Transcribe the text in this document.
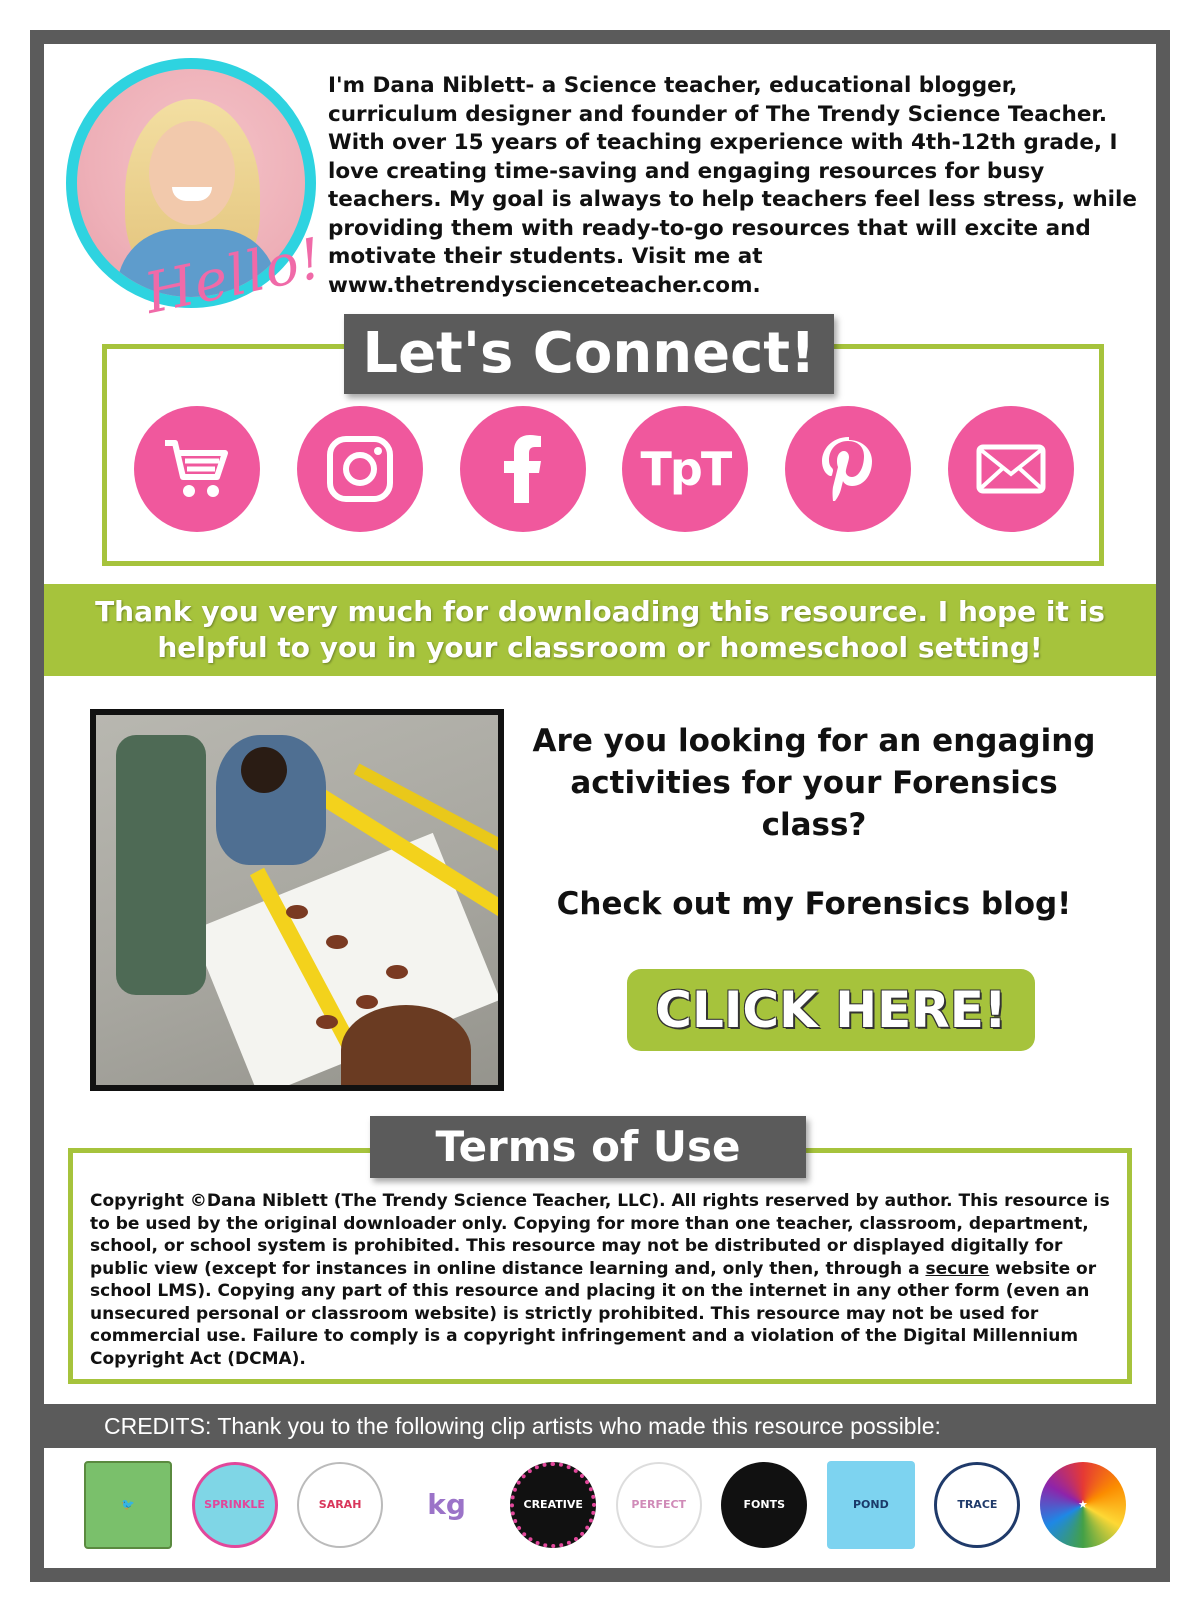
Hello!

I'm Dana Niblett- a Science teacher, educational blogger, curriculum designer and founder of The Trendy Science Teacher. With over 15 years of teaching experience with 4th-12th grade, I love creating time-saving and engaging resources for busy teachers. My goal is always to help teachers feel less stress, while providing them with ready-to-go resources that will excite and motivate their students. Visit me at www.thetrendyscienceteacher.com.

Let's Connect!
TpT
Thank you very much for downloading this resource. I hope it is helpful to you in your classroom or homeschool setting!

Are you looking for an engaging activities for your Forensics class?

Check out my Forensics blog!

CLICK HERE!
Terms of Use

Copyright ©Dana Niblett (The Trendy Science Teacher, LLC). All rights reserved by author. This resource is to be used by the original downloader only. Copying for more than one teacher, classroom, department, school, or school system is prohibited. This resource may not be distributed or displayed digitally for public view (except for instances in online distance learning and, only then, through a secure website or school LMS). Copying any part of this resource and placing it on the internet in any other form (even an unsecured personal or classroom website) is strictly prohibited. This resource may not be used for commercial use. Failure to comply is a copyright infringement and a violation of the Digital Millennium Copyright Act (DCMA).

CREDITS: Thank you to the following clip artists who made this resource possible:
🐦	SPRINKLE	SARAH	kg	CREATIVE	PERFECT	FONTS	POND	TRACE	★
